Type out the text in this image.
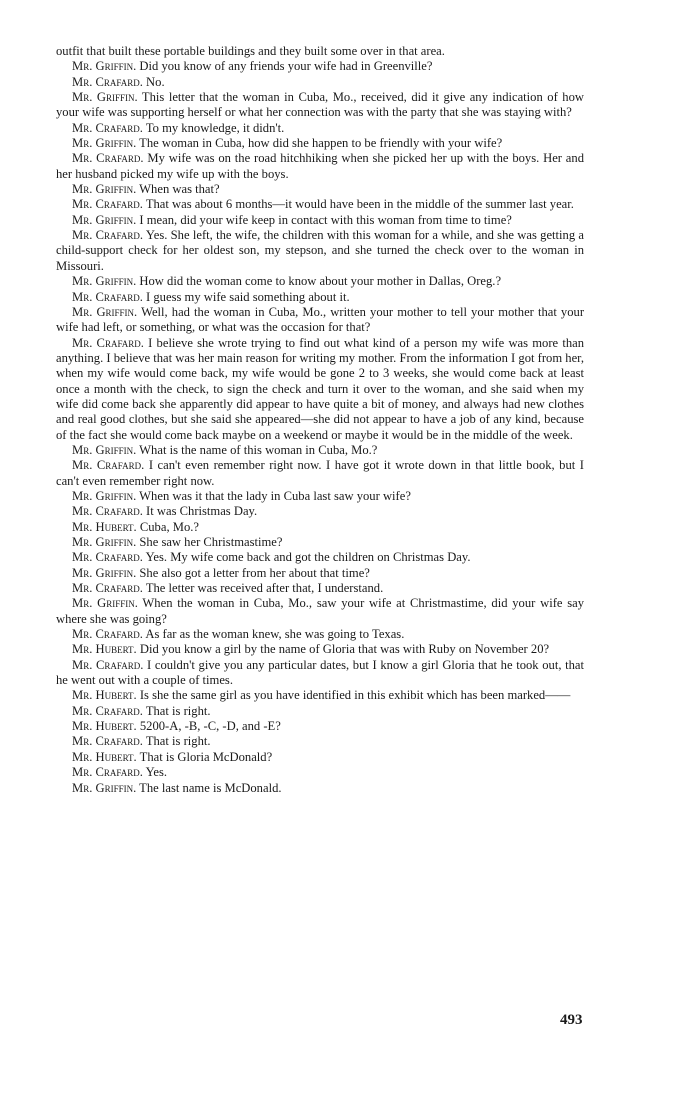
outfit that built these portable buildings and they built some over in that area.

Mr. Griffin. Did you know of any friends your wife had in Greenville?

Mr. Crafard. No.

Mr. Griffin. This letter that the woman in Cuba, Mo., received, did it give any indication of how your wife was supporting herself or what her connection was with the party that she was staying with?

Mr. Crafard. To my knowledge, it didn't.

Mr. Griffin. The woman in Cuba, how did she happen to be friendly with your wife?

Mr. Crafard. My wife was on the road hitchhiking when she picked her up with the boys. Her and her husband picked my wife up with the boys.

Mr. Griffin. When was that?

Mr. Crafard. That was about 6 months—it would have been in the middle of the summer last year.

Mr. Griffin. I mean, did your wife keep in contact with this woman from time to time?

Mr. Crafard. Yes. She left, the wife, the children with this woman for a while, and she was getting a child-support check for her oldest son, my stepson, and she turned the check over to the woman in Missouri.

Mr. Griffin. How did the woman come to know about your mother in Dallas, Oreg.?

Mr. Crafard. I guess my wife said something about it.

Mr. Griffin. Well, had the woman in Cuba, Mo., written your mother to tell your mother that your wife had left, or something, or what was the occasion for that?

Mr. Crafard. I believe she wrote trying to find out what kind of a person my wife was more than anything. I believe that was her main reason for writing my mother. From the information I got from her, when my wife would come back, my wife would be gone 2 to 3 weeks, she would come back at least once a month with the check, to sign the check and turn it over to the woman, and she said when my wife did come back she apparently did appear to have quite a bit of money, and always had new clothes and real good clothes, but she said she appeared—she did not appear to have a job of any kind, because of the fact she would come back maybe on a weekend or maybe it would be in the middle of the week.

Mr. Griffin. What is the name of this woman in Cuba, Mo.?

Mr. Crafard. I can't even remember right now. I have got it wrote down in that little book, but I can't even remember right now.

Mr. Griffin. When was it that the lady in Cuba last saw your wife?

Mr. Crafard. It was Christmas Day.

Mr. Hubert. Cuba, Mo.?

Mr. Griffin. She saw her Christmastime?

Mr. Crafard. Yes. My wife come back and got the children on Christmas Day.

Mr. Griffin. She also got a letter from her about that time?

Mr. Crafard. The letter was received after that, I understand.

Mr. Griffin. When the woman in Cuba, Mo., saw your wife at Christmastime, did your wife say where she was going?

Mr. Crafard. As far as the woman knew, she was going to Texas.

Mr. Hubert. Did you know a girl by the name of Gloria that was with Ruby on November 20?

Mr. Crafard. I couldn't give you any particular dates, but I know a girl Gloria that he took out, that he went out with a couple of times.

Mr. Hubert. Is she the same girl as you have identified in this exhibit which has been marked——

Mr. Crafard. That is right.

Mr. Hubert. 5200-A, -B, -C, -D, and -E?

Mr. Crafard. That is right.

Mr. Hubert. That is Gloria McDonald?

Mr. Crafard. Yes.

Mr. Griffin. The last name is McDonald.

493
